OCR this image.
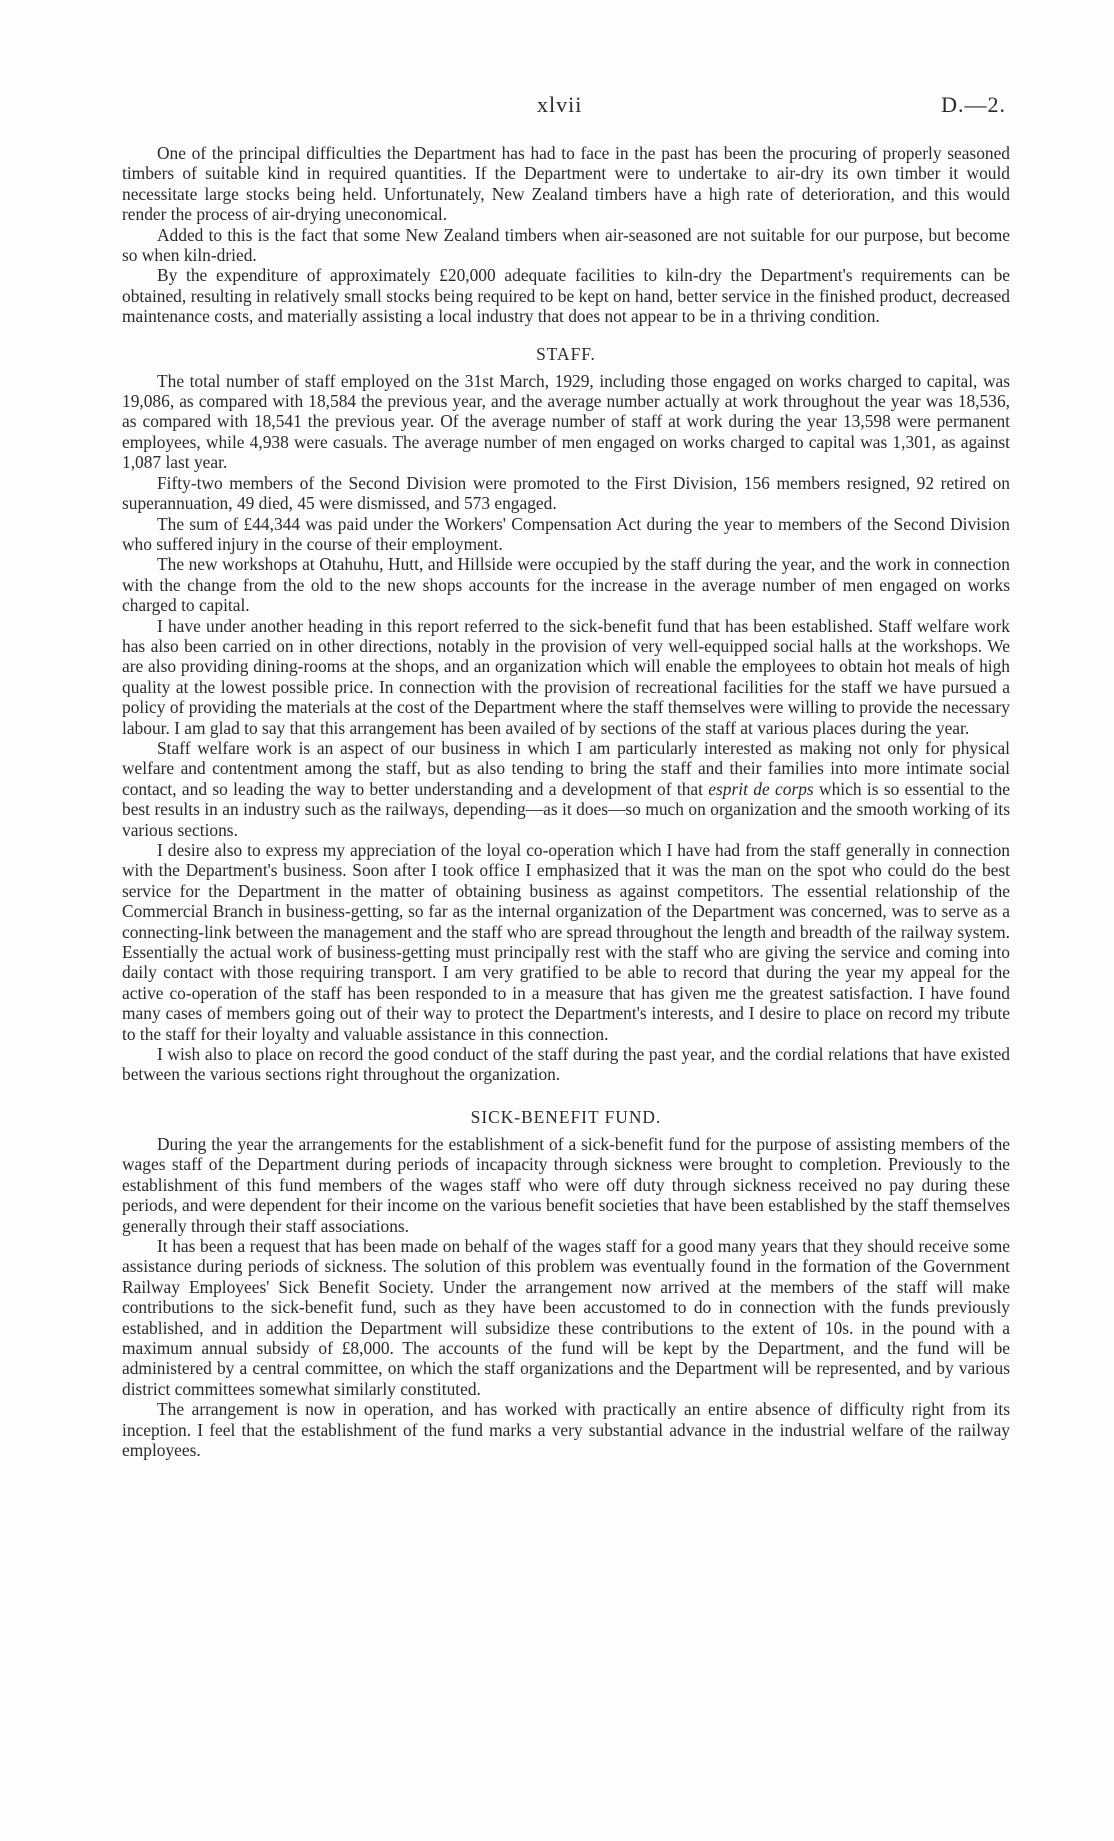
xlvii	D.—2.

One of the principal difficulties the Department has had to face in the past has been the procuring of properly seasoned timbers of suitable kind in required quantities. If the Department were to undertake to air-dry its own timber it would necessitate large stocks being held. Unfortunately, New Zealand timbers have a high rate of deterioration, and this would render the process of air-drying uneconomical.

Added to this is the fact that some New Zealand timbers when air-seasoned are not suitable for our purpose, but become so when kiln-dried.

By the expenditure of approximately £20,000 adequate facilities to kiln-dry the Department's requirements can be obtained, resulting in relatively small stocks being required to be kept on hand, better service in the finished product, decreased maintenance costs, and materially assisting a local industry that does not appear to be in a thriving condition.

STAFF.

The total number of staff employed on the 31st March, 1929, including those engaged on works charged to capital, was 19,086, as compared with 18,584 the previous year, and the average number actually at work throughout the year was 18,536, as compared with 18,541 the previous year. Of the average number of staff at work during the year 13,598 were permanent employees, while 4,938 were casuals. The average number of men engaged on works charged to capital was 1,301, as against 1,087 last year.

Fifty-two members of the Second Division were promoted to the First Division, 156 members resigned, 92 retired on superannuation, 49 died, 45 were dismissed, and 573 engaged.

The sum of £44,344 was paid under the Workers' Compensation Act during the year to members of the Second Division who suffered injury in the course of their employment.

The new workshops at Otahuhu, Hutt, and Hillside were occupied by the staff during the year, and the work in connection with the change from the old to the new shops accounts for the increase in the average number of men engaged on works charged to capital.

I have under another heading in this report referred to the sick-benefit fund that has been established. Staff welfare work has also been carried on in other directions, notably in the provision of very well-equipped social halls at the workshops. We are also providing dining-rooms at the shops, and an organization which will enable the employees to obtain hot meals of high quality at the lowest possible price. In connection with the provision of recreational facilities for the staff we have pursued a policy of providing the materials at the cost of the Department where the staff themselves were willing to provide the necessary labour. I am glad to say that this arrangement has been availed of by sections of the staff at various places during the year.

Staff welfare work is an aspect of our business in which I am particularly interested as making not only for physical welfare and contentment among the staff, but as also tending to bring the staff and their families into more intimate social contact, and so leading the way to better understanding and a development of that esprit de corps which is so essential to the best results in an industry such as the railways, depending—as it does—so much on organization and the smooth working of its various sections.

I desire also to express my appreciation of the loyal co-operation which I have had from the staff generally in connection with the Department's business. Soon after I took office I emphasized that it was the man on the spot who could do the best service for the Department in the matter of obtaining business as against competitors. The essential relationship of the Commercial Branch in business-getting, so far as the internal organization of the Department was concerned, was to serve as a connecting-link between the management and the staff who are spread throughout the length and breadth of the railway system. Essentially the actual work of business-getting must principally rest with the staff who are giving the service and coming into daily contact with those requiring transport. I am very gratified to be able to record that during the year my appeal for the active co-operation of the staff has been responded to in a measure that has given me the greatest satisfaction. I have found many cases of members going out of their way to protect the Department's interests, and I desire to place on record my tribute to the staff for their loyalty and valuable assistance in this connection.

I wish also to place on record the good conduct of the staff during the past year, and the cordial relations that have existed between the various sections right throughout the organization.

SICK-BENEFIT FUND.

During the year the arrangements for the establishment of a sick-benefit fund for the purpose of assisting members of the wages staff of the Department during periods of incapacity through sickness were brought to completion. Previously to the establishment of this fund members of the wages staff who were off duty through sickness received no pay during these periods, and were dependent for their income on the various benefit societies that have been established by the staff themselves generally through their staff associations.

It has been a request that has been made on behalf of the wages staff for a good many years that they should receive some assistance during periods of sickness. The solution of this problem was eventually found in the formation of the Government Railway Employees' Sick Benefit Society. Under the arrangement now arrived at the members of the staff will make contributions to the sick-benefit fund, such as they have been accustomed to do in connection with the funds previously established, and in addition the Department will subsidize these contributions to the extent of 10s. in the pound with a maximum annual subsidy of £8,000. The accounts of the fund will be kept by the Department, and the fund will be administered by a central committee, on which the staff organizations and the Department will be represented, and by various district committees somewhat similarly constituted.

The arrangement is now in operation, and has worked with practically an entire absence of difficulty right from its inception. I feel that the establishment of the fund marks a very substantial advance in the industrial welfare of the railway employees.
